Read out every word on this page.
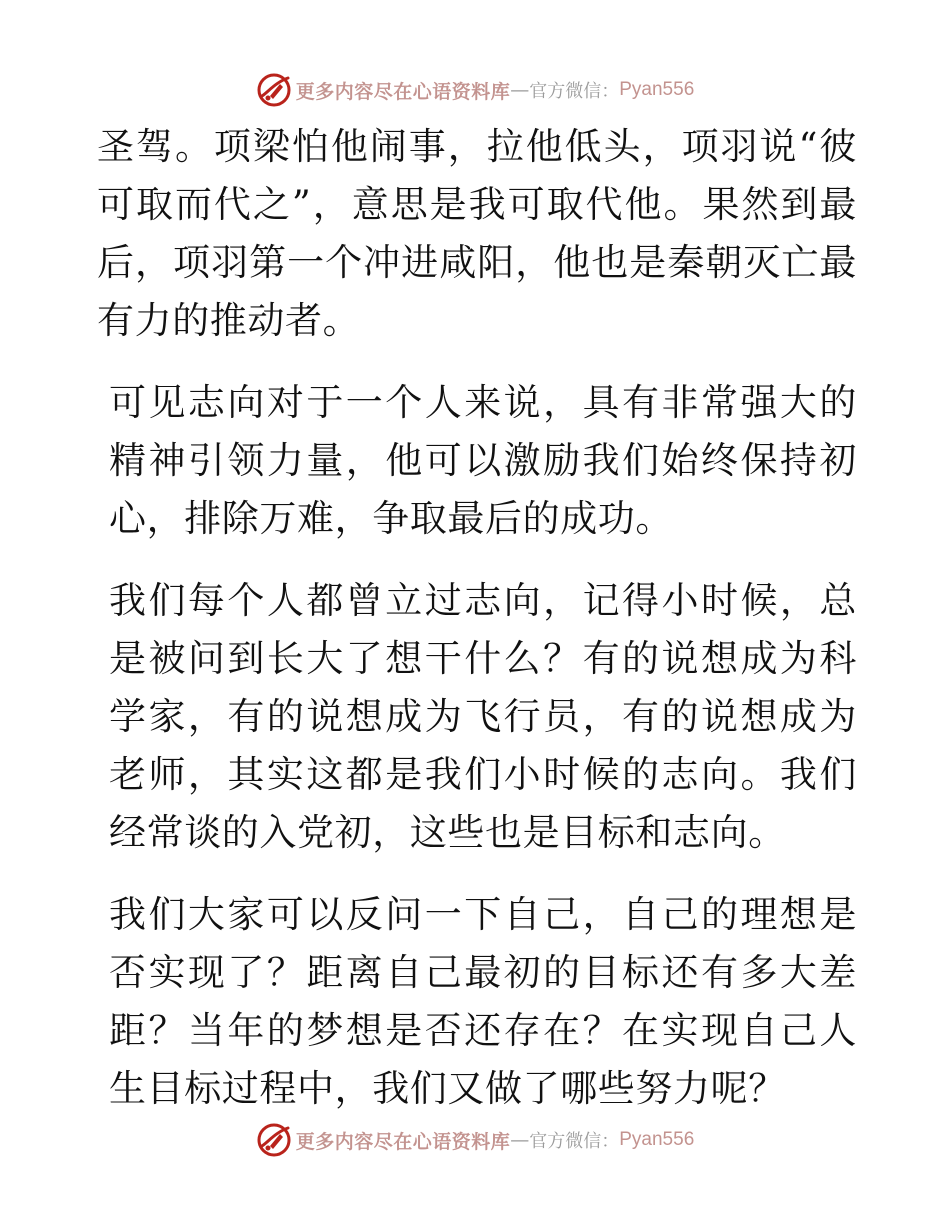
更多内容尽在心语资料库 — 官方微信： Pyan556

圣驾。项梁怕他闹事，拉他低头，项羽说“彼可取而代之”，意思是我可取代他。果然到最后，项羽第一个冲进咸阳，他也是秦朝灭亡最有力的推动者。

可见志向对于一个人来说，具有非常强大的精神引领力量，他可以激励我们始终保持初心，排除万难，争取最后的成功。

我们每个人都曾立过志向，记得小时候，总是被问到长大了想干什么？有的说想成为科学家，有的说想成为飞行员，有的说想成为老师，其实这都是我们小时候的志向。我们经常谈的入党初，这些也是目标和志向。

我们大家可以反问一下自己，自己的理想是否实现了？距离自己最初的目标还有多大差距？当年的梦想是否还存在？在实现自己人生目标过程中，我们又做了哪些努力呢？

更多内容尽在心语资料库 — 官方微信： Pyan556
